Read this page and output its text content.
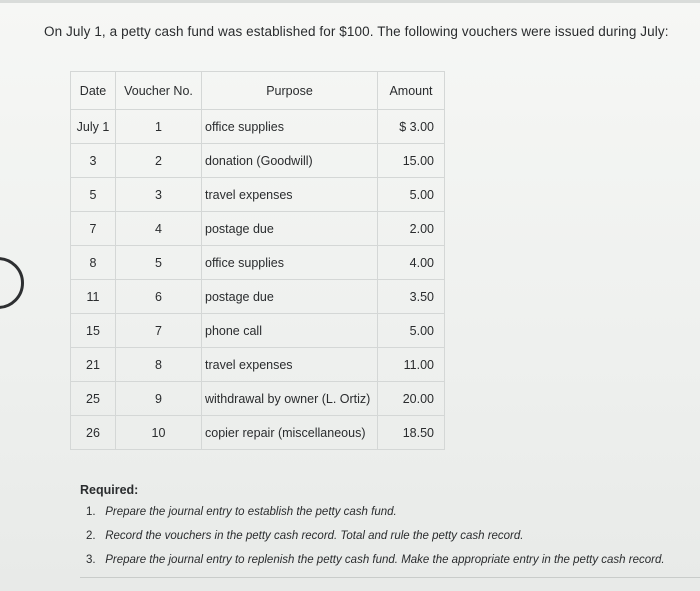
On July 1, a petty cash fund was established for $100. The following vouchers were issued during July:
Date	Voucher No.	Purpose	Amount
July 1	1	office supplies	$ 3.00
3	2	donation (Goodwill)	15.00
5	3	travel expenses	5.00
7	4	postage due	2.00
8	5	office supplies	4.00
11	6	postage due	3.50
15	7	phone call	5.00
21	8	travel expenses	11.00
25	9	withdrawal by owner (L. Ortiz)	20.00
26	10	copier repair (miscellaneous)	18.50
Required:
1. Prepare the journal entry to establish the petty cash fund.
2. Record the vouchers in the petty cash record. Total and rule the petty cash record.
3. Prepare the journal entry to replenish the petty cash fund. Make the appropriate entry in the petty cash record.
